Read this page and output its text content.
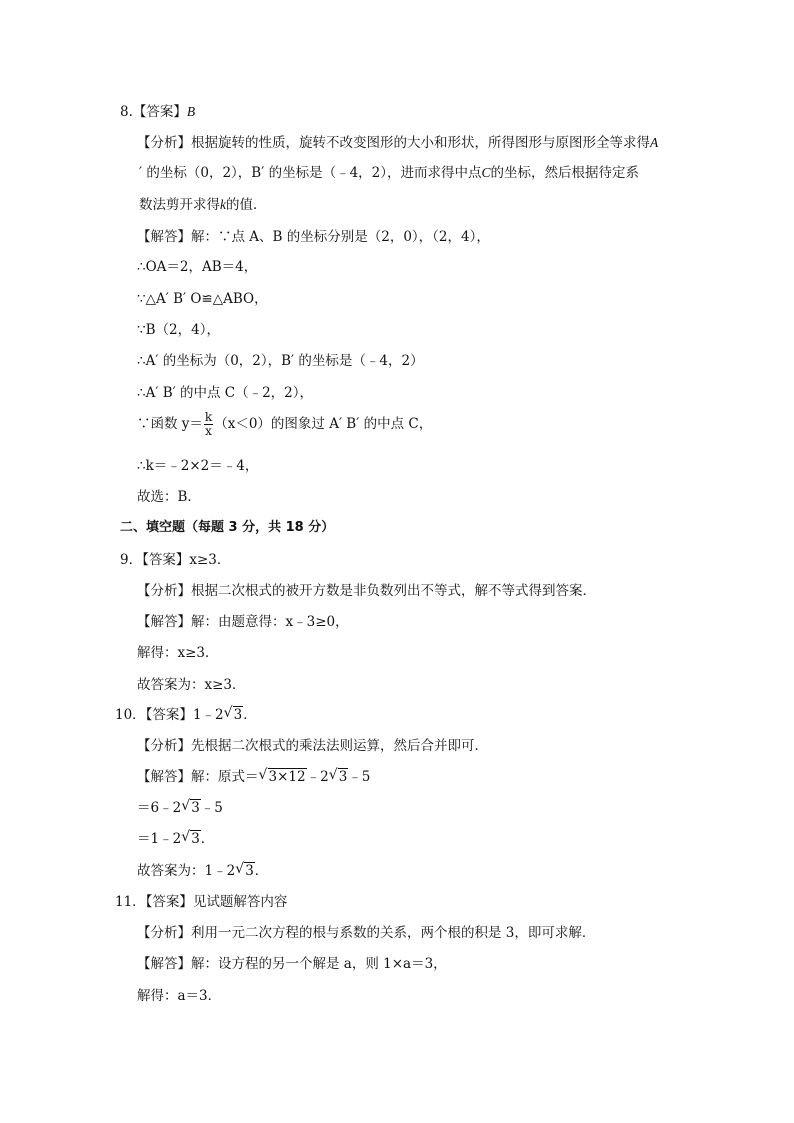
8.【答案】B
【分析】根据旋转的性质，旋转不改变图形的大小和形状，所得图形与原图形全等求得A
′ 的坐标（0，2），B′ 的坐标是（﹣4，2），进而求得中点C的坐标，然后根据待定系
数法剪开求得k的值．
【解答】解：∵点 A、B 的坐标分别是（2，0），（2，4），
∴OA＝2，AB＝4，
∵△A′ B′ O≌△ABO，
∵B（2，4），
∴A′ 的坐标为（0，2），B′ 的坐标是（﹣4，2）
∴A′ B′ 的中点 C（﹣2，2），
∵函数 $y= \frac{k}{x} (x<0)$的图象过 A′ B′ 的中点 C，
∴k＝﹣2×2＝﹣4，
故选：B．
二、填空题（每题 3 分，共 18 分）
9．【答案】x≥3．
【分析】根据二次根式的被开方数是非负数列出不等式，解不等式得到答案．
【解答】解：由题意得：x﹣3≥0，
解得：x≥3．
故答案为：x≥3．
10．【答案】1﹣2 √ 3．
【分析】先根据二次根式的乘法法则运算，然后合并即可．
【解答】解：原式＝ √ 3×12﹣2 √ 3﹣5
＝6﹣2 √ 3﹣5
＝1﹣2 √ 3．
故答案为：1﹣2 √ 3．
11．【答案】见试题解答内容
【分析】利用一元二次方程的根与系数的关系，两个根的积是 3，即可求解．
【解答】解：设方程的另一个解是 a，则 1×a＝3，
解得：a＝3．
